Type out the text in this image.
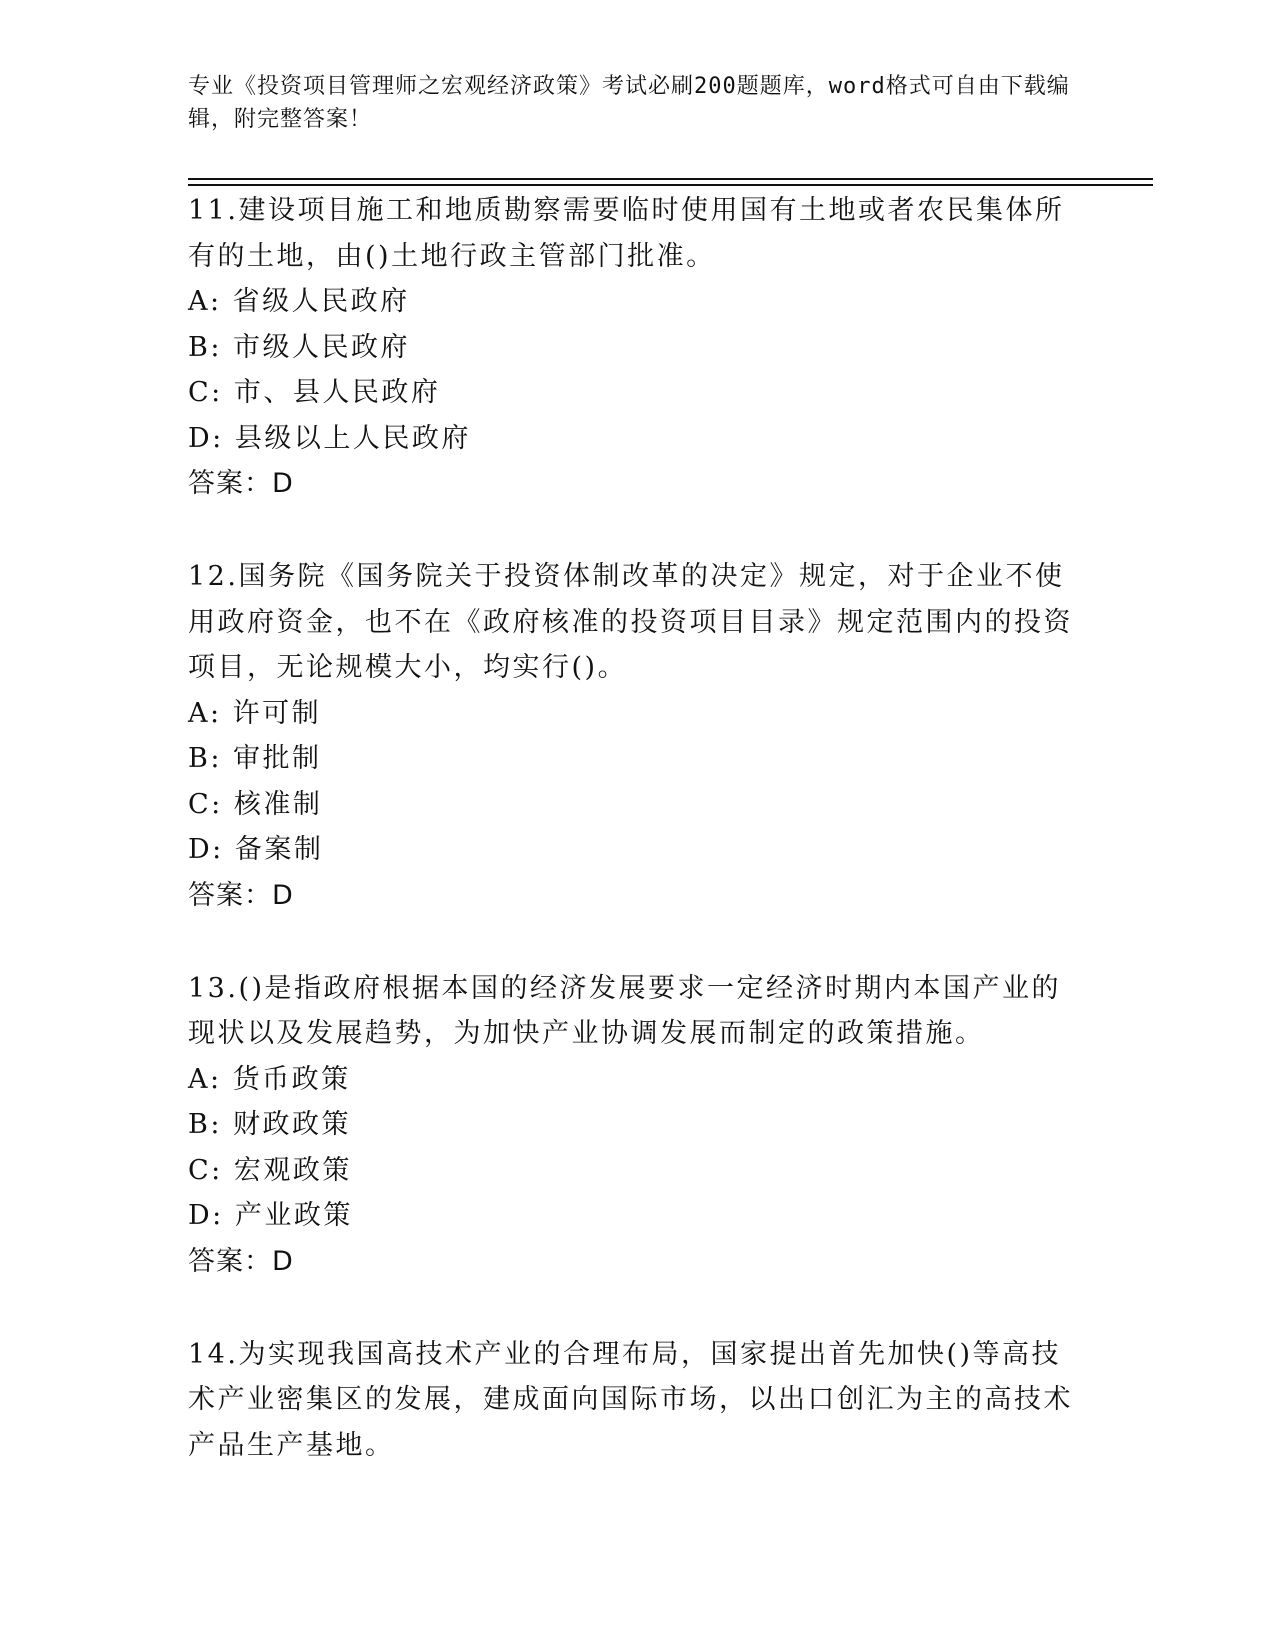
专业《投资项目管理师之宏观经济政策》考试必刷200题题库，word格式可自由下载编辑，附完整答案！
11.建设项目施工和地质勘察需要临时使用国有土地或者农民集体所有的土地，由()土地行政主管部门批准。
A: 省级人民政府
B: 市级人民政府
C: 市、县人民政府
D: 县级以上人民政府
答案：D
12.国务院《国务院关于投资体制改革的决定》规定，对于企业不使用政府资金，也不在《政府核准的投资项目目录》规定范围内的投资项目，无论规模大小，均实行()。
A: 许可制
B: 审批制
C: 核准制
D: 备案制
答案：D
13.()是指政府根据本国的经济发展要求一定经济时期内本国产业的现状以及发展趋势，为加快产业协调发展而制定的政策措施。
A: 货币政策
B: 财政政策
C: 宏观政策
D: 产业政策
答案：D
14.为实现我国高技术产业的合理布局，国家提出首先加快()等高技术产业密集区的发展，建成面向国际市场，以出口创汇为主的高技术产品生产基地。
